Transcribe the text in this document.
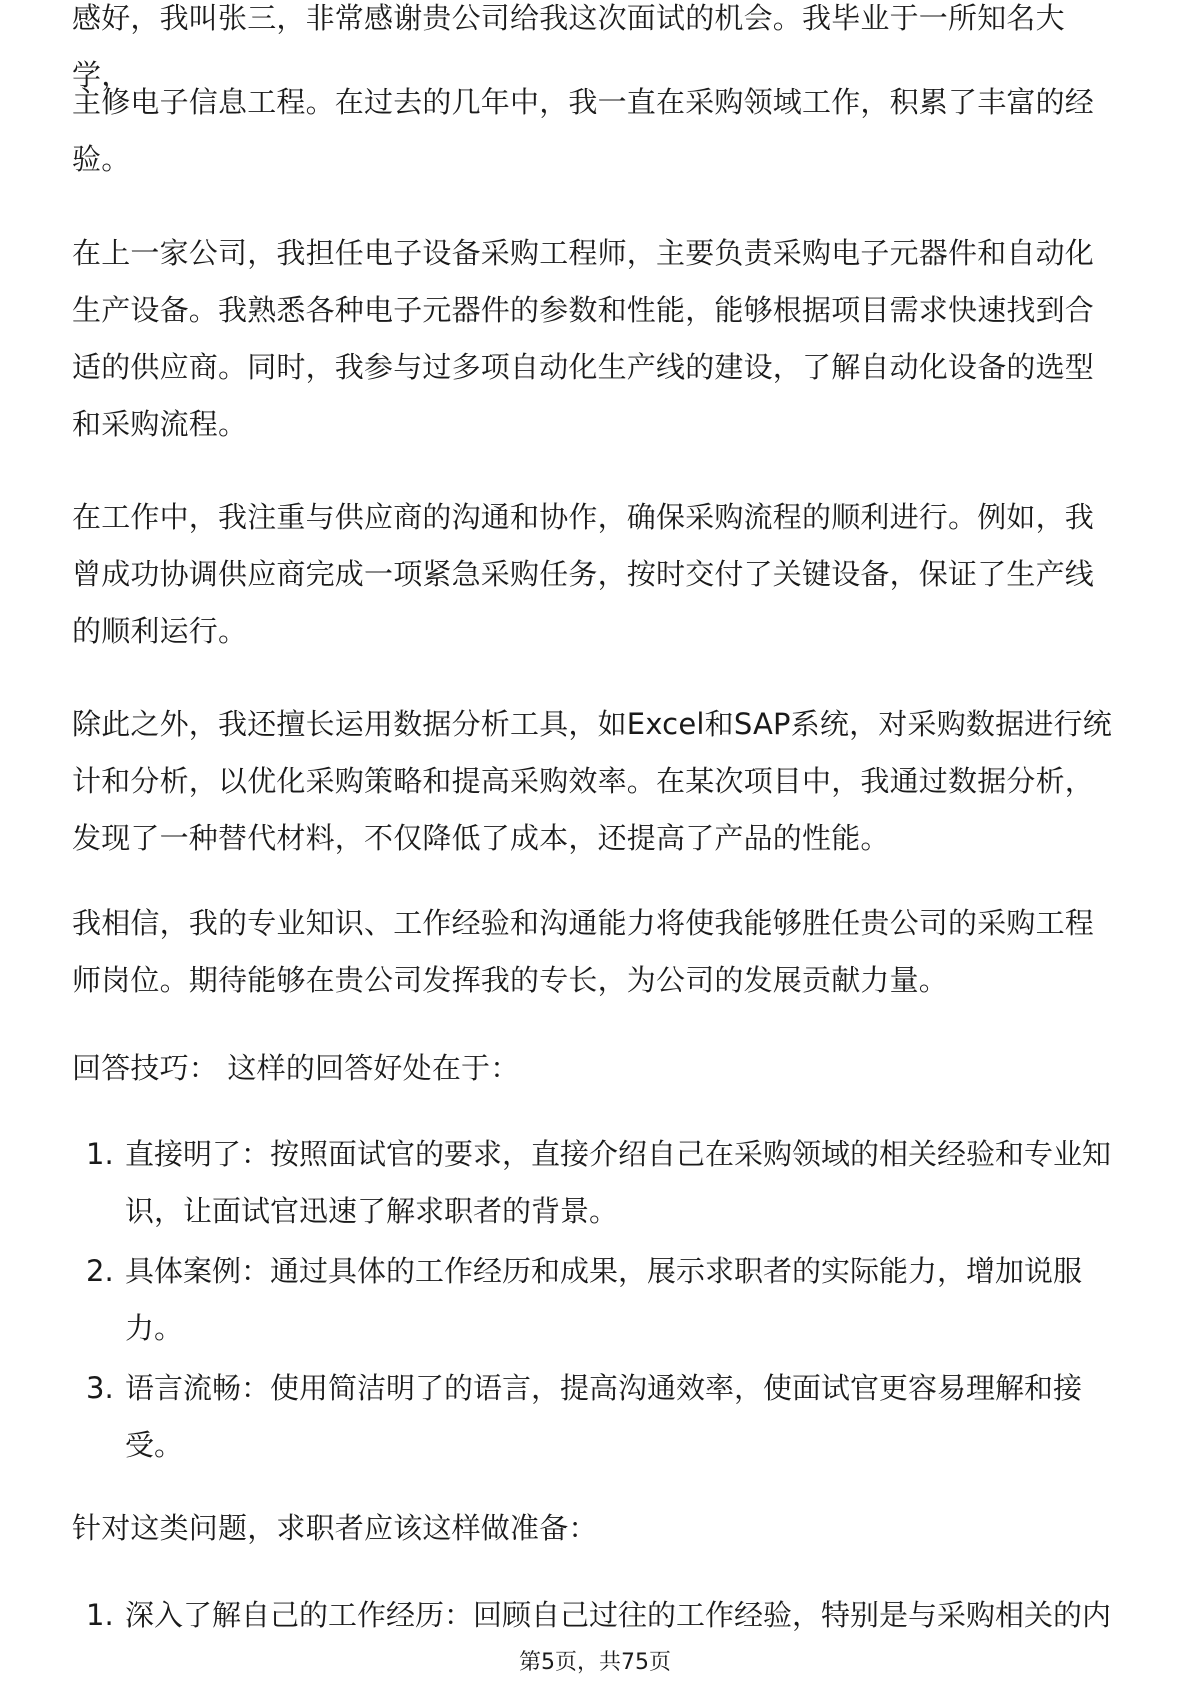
感好，我叫张三，非常感谢贵公司给我这次面试的机会。我毕业于一所知名大学，

主修电子信息工程。在过去的几年中，我一直在采购领域工作，积累了丰富的经验。

在上一家公司，我担任电子设备采购工程师，主要负责采购电子元器件和自动化生产设备。我熟悉各种电子元器件的参数和性能，能够根据项目需求快速找到合适的供应商。同时，我参与过多项自动化生产线的建设，了解自动化设备的选型和采购流程。

在工作中，我注重与供应商的沟通和协作，确保采购流程的顺利进行。例如，我曾成功协调供应商完成一项紧急采购任务，按时交付了关键设备，保证了生产线的顺利运行。

除此之外，我还擅长运用数据分析工具，如Excel和SAP系统，对采购数据进行统计和分析，以优化采购策略和提高采购效率。在某次项目中，我通过数据分析，发现了一种替代材料，不仅降低了成本，还提高了产品的性能。

我相信，我的专业知识、工作经验和沟通能力将使我能够胜任贵公司的采购工程师岗位。期待能够在贵公司发挥我的专长，为公司的发展贡献力量。

回答技巧： 这样的回答好处在于：

1. 直接明了：按照面试官的要求，直接介绍自己在采购领域的相关经验和专业知识，让面试官迅速了解求职者的背景。
2. 具体案例：通过具体的工作经历和成果，展示求职者的实际能力，增加说服力。
3. 语言流畅：使用简洁明了的语言，提高沟通效率，使面试官更容易理解和接受。

针对这类问题，求职者应该这样做准备：

1. 深入了解自己的工作经历：回顾自己过往的工作经验，特别是与采购相关的内
第5页，共75页
